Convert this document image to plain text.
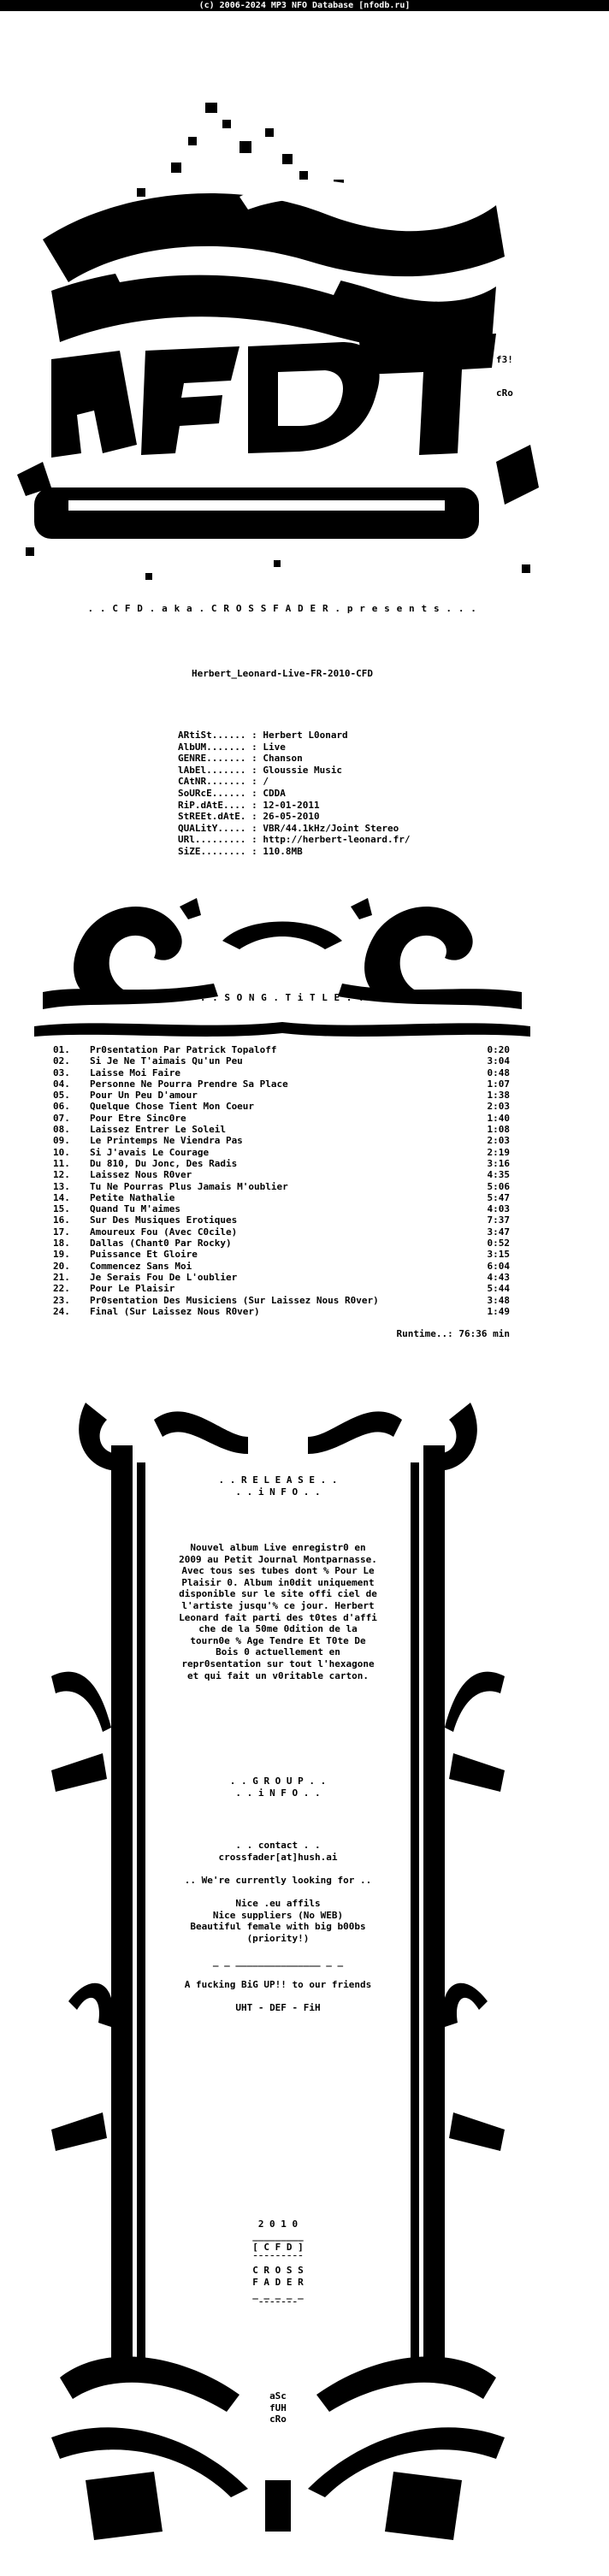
(c) 2006-2024 MP3 NFO Database [nfodb.ru]

f3!

cRo

. . C F D . a k a . C R O S S F A D E R . p r e s e n t s . . .
Herbert_Leonard-Live-FR-2010-CFD
ARtiSt...... : Herbert L0onard
AlbUM....... : Live
GENRE....... : Chanson
lAbEl....... : Gloussie Music
CAtNR....... : /
SoURcE...... : CDDA
RiP.dAtE.... : 12-01-2011
StREEt.dAtE. : 26-05-2010
QUALitY..... : VBR/44.1kHz/Joint Stereo
URl......... : http://herbert-leonard.fr/
SiZE........ : 110.8MB
. . S O N G . T i T L E . .
01.	Pr0sentation Par Patrick Topaloff	0:20
02.	Si Je Ne T'aimais Qu'un Peu	3:04
03.	Laisse Moi Faire	0:48
04.	Personne Ne Pourra Prendre Sa Place	1:07
05.	Pour Un Peu D'amour	1:38
06.	Quelque Chose Tient Mon Coeur	2:03
07.	Pour Etre Sinc0re	1:40
08.	Laissez Entrer Le Soleil	1:08
09.	Le Printemps Ne Viendra Pas	2:03
10.	Si J'avais Le Courage	2:19
11.	Du 810, Du Jonc, Des Radis	3:16
12.	Laissez Nous R0ver	4:35
13.	Tu Ne Pourras Plus Jamais M'oublier	5:06
14.	Petite Nathalie	5:47
15.	Quand Tu M'aimes	4:03
16.	Sur Des Musiques Erotiques	7:37
17.	Amoureux Fou (Avec C0cile)	3:47
18.	Dallas (Chant0 Par Rocky)	0:52
19.	Puissance Et Gloire	3:15
20.	Commencez Sans Moi	6:04
21.	Je Serais Fou De L'oublier	4:43
22.	Pour Le Plaisir	5:44
23.	Pr0sentation Des Musiciens (Sur Laissez Nous R0ver)	3:48
24.	Final (Sur Laissez Nous R0ver)	1:49
Runtime..: 76:36 min
. . R E L E A S E . .
. . i N F O . .
Nouvel album Live enregistr0 en
2009 au Petit Journal Montparnasse.
Avec tous ses tubes dont % Pour Le
Plaisir 0. Album in0dit uniquement
disponible sur le site offi ciel de
l'artiste jusqu'% ce jour. Herbert
Leonard fait parti des t0tes d'affi
che de la 50me 0dition de la
tourn0e % Age Tendre Et T0te De
Bois 0 actuellement en
repr0sentation sur tout l'hexagone
et qui fait un v0ritable carton.
. . G R O U P . .
. . i N F O . .
. . contact . .
crossfader[at]hush.ai

.. We're currently looking for ..

Nice .eu affils
Nice suppliers (No WEB)
Beautiful female with big b00bs
(priority!)

_ _ _______________ _ _

A fucking BiG UP!! to our friends

UHT - DEF - FiH
2 0 1 0
_________
[ C F D ]
¯¯¯¯¯¯¯¯¯
C R O S S
F A D E R
_ _ _ _ _
¯¯¯¯¯¯¯
aSc
fUH
cRo
